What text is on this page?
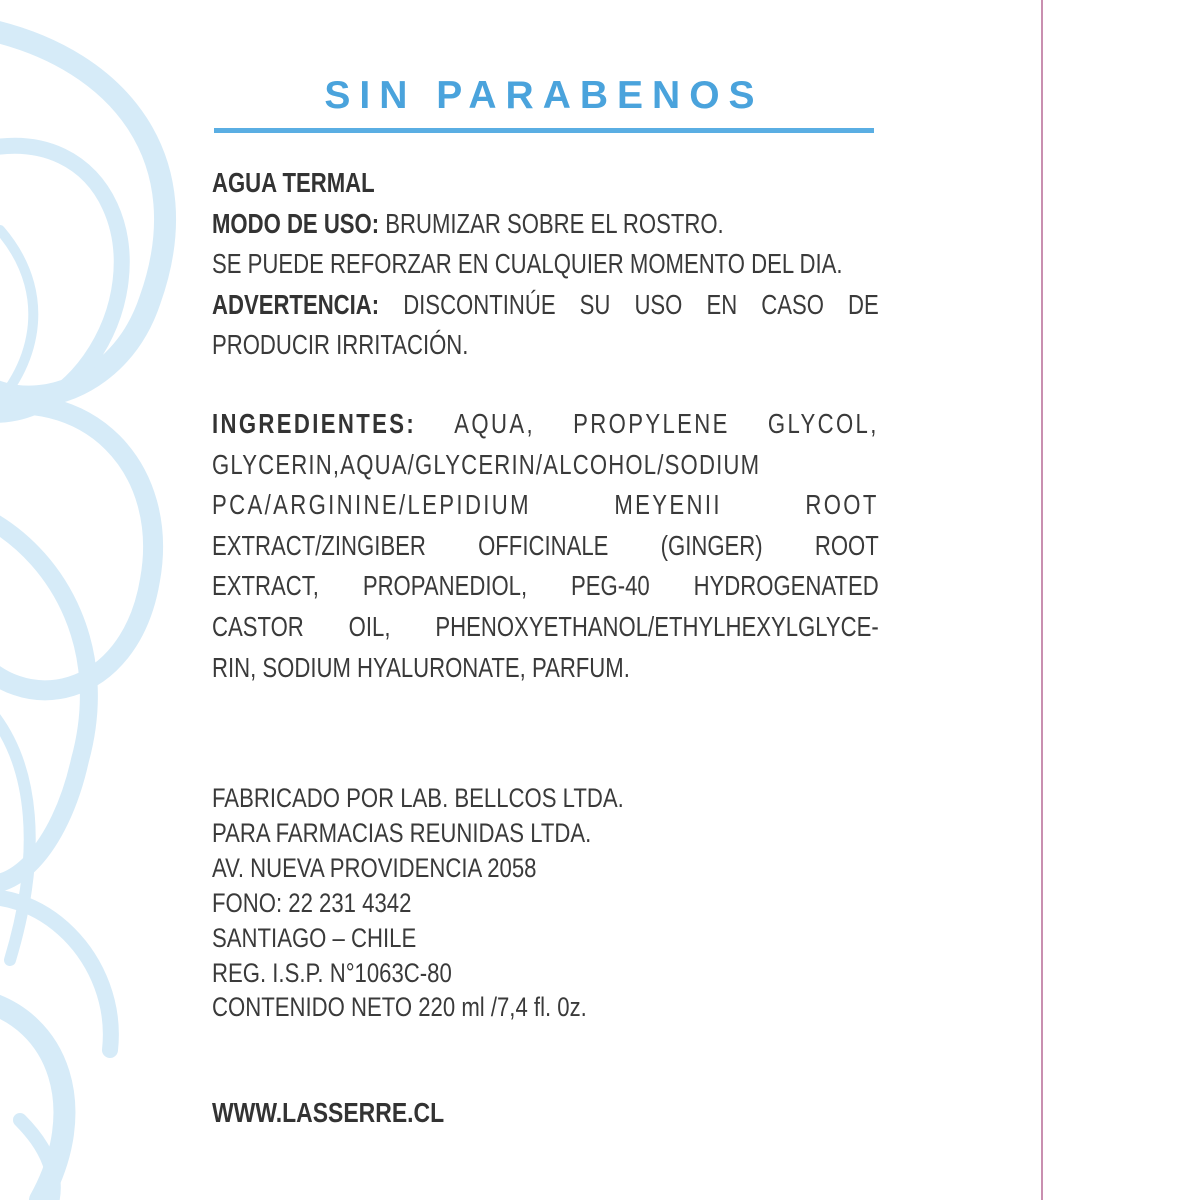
SIN PARABENOS
AGUA TERMAL
MODO DE USO: BRUMIZAR SOBRE EL ROSTRO.
SE PUEDE REFORZAR EN CUALQUIER MOMENTO DEL DIA.
ADVERTENCIA: DISCONTINÚE SU USO EN CASO DE
PRODUCIR IRRITACIÓN.
INGREDIENTES: AQUA, PROPYLENE GLYCOL,
GLYCERIN,AQUA/GLYCERIN/ALCOHOL/SODIUM
PCA/ARGININE/LEPIDIUM	MEYENII	ROOT
EXTRACT/ZINGIBER OFFICINALE (GINGER) ROOT
EXTRACT, PROPANEDIOL, PEG-40 HYDROGENATED
CASTOR OIL, PHENOXYETHANOL/ETHYLHEXYLGLYCE-
RIN, SODIUM HYALURONATE, PARFUM.
FABRICADO POR LAB. BELLCOS LTDA.
PARA FARMACIAS REUNIDAS LTDA.
AV. NUEVA PROVIDENCIA 2058
FONO: 22 231 4342
SANTIAGO – CHILE
REG. I.S.P. N°1063C-80
CONTENIDO NETO 220 ml /7,4 fl. 0z.
WWW.LASSERRE.CL
